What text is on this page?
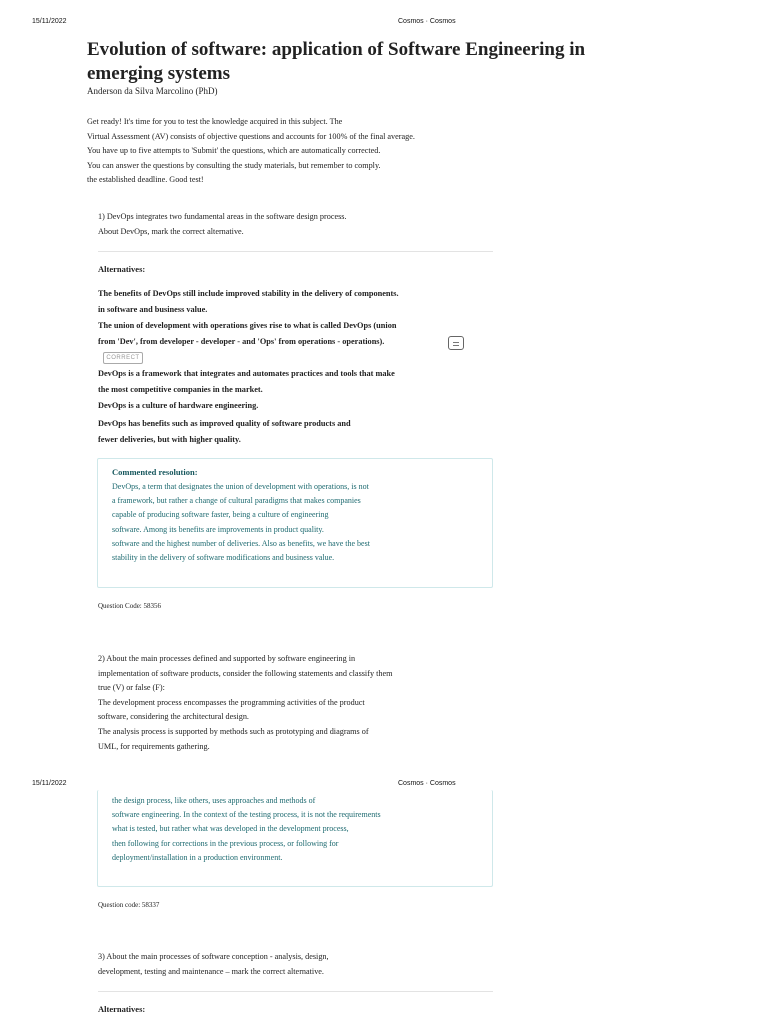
15/11/2022	Cosmos · Cosmos
Evolution of software: application of Software Engineering in emerging systems
Anderson da Silva Marcolino (PhD)
Get ready! It's time for you to test the knowledge acquired in this subject. The
Virtual Assessment (AV) consists of objective questions and accounts for 100% of the final average.
You have up to five attempts to 'Submit' the questions, which are automatically corrected.
You can answer the questions by consulting the study materials, but remember to comply.
the established deadline. Good test!
1) DevOps integrates two fundamental areas in the software design process.
About DevOps, mark the correct alternative.
Alternatives:
The benefits of DevOps still include improved stability in the delivery of components.
in software and business value.
The union of development with operations gives rise to what is called DevOps (union
from 'Dev', from developer - developer - and 'Ops' from operations - operations).
CORRECT
DevOps is a framework that integrates and automates practices and tools that make
the most competitive companies in the market.
DevOps is a culture of hardware engineering.
DevOps has benefits such as improved quality of software products and
fewer deliveries, but with higher quality.
Commented resolution:
DevOps, a term that designates the union of development with operations, is not
a framework, but rather a change of cultural paradigms that makes companies
capable of producing software faster, being a culture of engineering
software. Among its benefits are improvements in product quality.
software and the highest number of deliveries. Also as benefits, we have the best
stability in the delivery of software modifications and business value.
Question Code: 58356
2) About the main processes defined and supported by software engineering in
implementation of software products, consider the following statements and classify them
true (V) or false (F):
The development process encompasses the programming activities of the product
software, considering the architectural design.
The analysis process is supported by methods such as prototyping and diagrams of
UML, for requirements gathering.
15/11/2022	Cosmos · Cosmos
the design process, like others, uses approaches and methods of
software engineering. In the context of the testing process, it is not the requirements
what is tested, but rather what was developed in the development process,
then following for corrections in the previous process, or following for
deployment/installation in a production environment.
Question code: 58337
3) About the main processes of software conception - analysis, design,
development, testing and maintenance – mark the correct alternative.
Alternatives:
